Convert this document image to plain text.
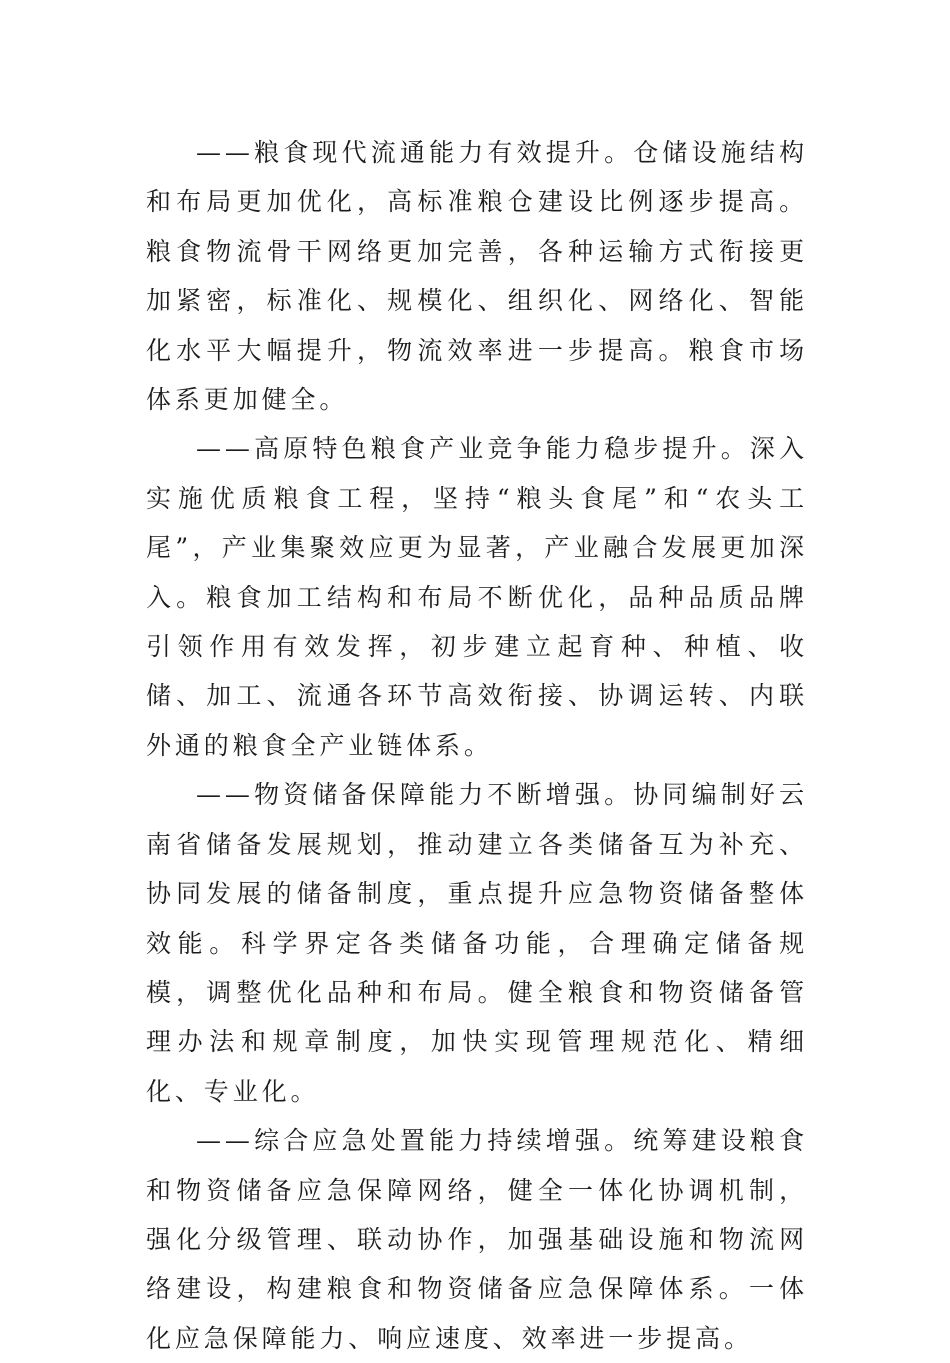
——粮食现代流通能力有效提升。仓储设施结构和布局更加优化，高标准粮仓建设比例逐步提高。粮食物流骨干网络更加完善，各种运输方式衔接更加紧密，标准化、规模化、组织化、网络化、智能化水平大幅提升，物流效率进一步提高。粮食市场体系更加健全。

——高原特色粮食产业竞争能力稳步提升。深入实施优质粮食工程，坚持“粮头食尾”和“农头工尾”，产业集聚效应更为显著，产业融合发展更加深入。粮食加工结构和布局不断优化，品种品质品牌引领作用有效发挥，初步建立起育种、种植、收储、加工、流通各环节高效衔接、协调运转、内联外通的粮食全产业链体系。

——物资储备保障能力不断增强。协同编制好云南省储备发展规划，推动建立各类储备互为补充、协同发展的储备制度，重点提升应急物资储备整体效能。科学界定各类储备功能，合理确定储备规模，调整优化品种和布局。健全粮食和物资储备管理办法和规章制度，加快实现管理规范化、精细化、专业化。

——综合应急处置能力持续增强。统筹建设粮食和物资储备应急保障网络，健全一体化协调机制，强化分级管理、联动协作，加强基础设施和物流网络建设，构建粮食和物资储备应急保障体系。一体化应急保障能力、响应速度、效率进一步提高。
